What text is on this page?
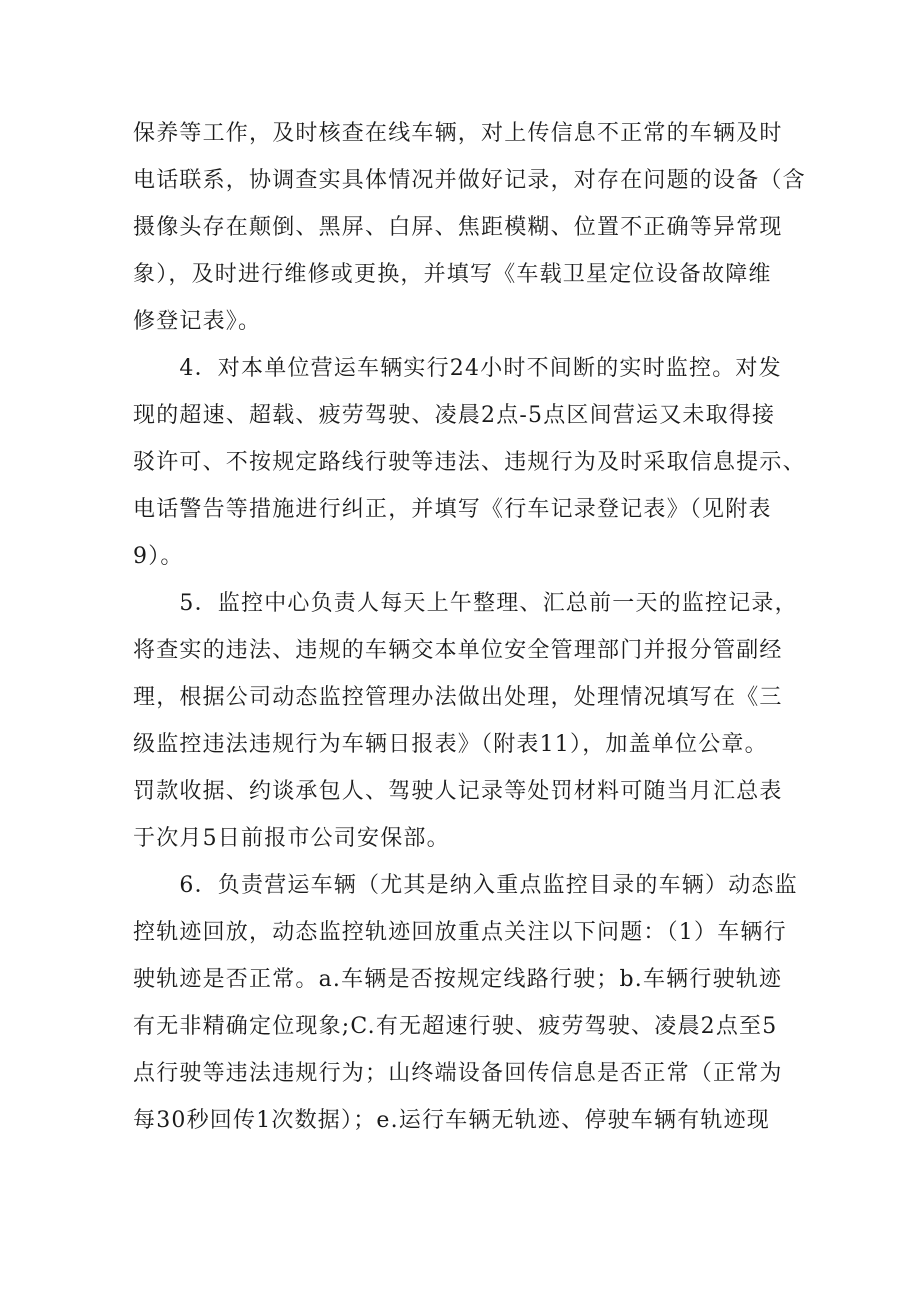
保养等工作，及时核查在线车辆，对上传信息不正常的车辆及时
电话联系，协调查实具体情况并做好记录，对存在问题的设备（含
摄像头存在颠倒、黑屏、白屏、焦距模糊、位置不正确等异常现
象），及时进行维修或更换，并填写《车载卫星定位设备故障维
修登记表》。
　　4．对本单位营运车辆实行24小时不间断的实时监控。对发
现的超速、超载、疲劳驾驶、凌晨2点-5点区间营运又未取得接
驳许可、不按规定路线行驶等违法、违规行为及时采取信息提示、
电话警告等措施进行纠正，并填写《行车记录登记表》（见附表
9）。
　　5．监控中心负责人每天上午整理、汇总前一天的监控记录，
将查实的违法、违规的车辆交本单位安全管理部门并报分管副经
理，根据公司动态监控管理办法做出处理，处理情况填写在《三
级监控违法违规行为车辆日报表》（附表11），加盖单位公章。
罚款收据、约谈承包人、驾驶人记录等处罚材料可随当月汇总表
于次月5日前报市公司安保部。
　　6．负责营运车辆（尤其是纳入重点监控目录的车辆）动态监
控轨迹回放，动态监控轨迹回放重点关注以下问题：（1）车辆行
驶轨迹是否正常。a.车辆是否按规定线路行驶；b.车辆行驶轨迹
有无非精确定位现象;C.有无超速行驶、疲劳驾驶、凌晨2点至5
点行驶等违法违规行为；山终端设备回传信息是否正常（正常为
每30秒回传1次数据）；e.运行车辆无轨迹、停驶车辆有轨迹现
